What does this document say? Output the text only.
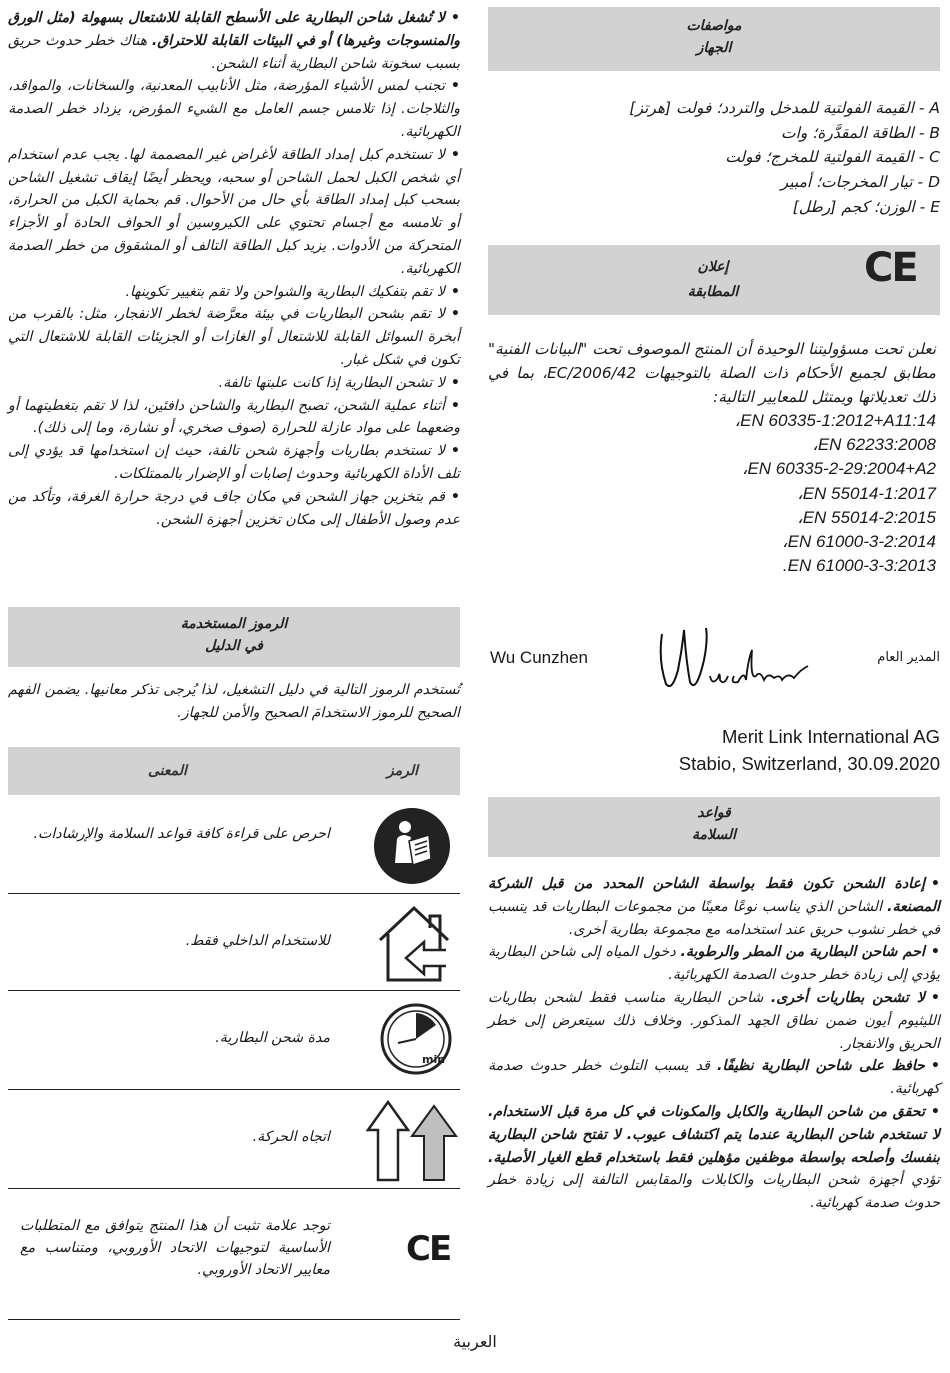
•لا تُشغل شاحن البطارية على الأسطح القابلة للاشتعال بسهولة (مثل الورق والمنسوجات وغيرها) أو في البيئات القابلة للاحتراق. هناك خطر حدوث حريق بسبب سخونة شاحن البطارية أثناء الشحن.

•تجنب لمس الأشياء المؤرضة، مثل الأنابيب المعدنية، والسخانات، والمواقد، والثلاجات. إذا تلامس جسم العامل مع الشيء المؤرض، يزداد خطر الصدمة الكهربائية.

•لا تستخدم كبل إمداد الطاقة لأغراض غير المصممة لها. يجب عدم استخدام أي شخص الكبل لحمل الشاحن أو سحبه، ويحظر أيضًا إيقاف تشغيل الشاحن بسحب كبل إمداد الطاقة بأي حال من الأحوال. قم بحماية الكبل من الحرارة، أو تلامسه مع أجسام تحتوي على الكيروسين أو الحواف الحادة أو الأجزاء المتحركة من الأدوات. يزيد كبل الطاقة التالف أو المشقوق من خطر الصدمة الكهربائية.

•لا تقم بتفكيك البطارية والشواحن ولا تقم بتغيير تكوينها.

•لا تقم بشحن البطاريات في بيئة معرَّضة لخطر الانفجار، مثل: بالقرب من أبخرة السوائل القابلة للاشتعال أو الغازات أو الجزيئات القابلة للاشتعال التي تكون في شكل غبار.

•لا تشحن البطارية إذا كانت علبتها تالفة.

•أثناء عملية الشحن، تصبح البطارية والشاحن دافئين، لذا لا تقم بتغطيتهما أو وضعهما على مواد عازلة للحرارة (صوف صخري، أو نشارة، وما إلى ذلك).

•لا تستخدم بطاريات وأجهزة شحن تالفة، حيث إن استخدامها قد يؤدي إلى تلف الأداة الكهربائية وحدوث إصابات أو الإضرار بالممتلكات.

•قم بتخزين جهاز الشحن في مكان جاف في درجة حرارة الغرفة، وتأكد من عدم وصول الأطفال إلى مكان تخزين أجهزة الشحن.

الرموز المستخدمة
في الدليل

تُستخدم الرموز التالية في دليل التشغيل، لذا يُرجى تذكر معانيها. يضمن الفهم الصحيح للرموز الاستخدامَ الصحيح والأمن للجهاز.

الرمز
المعنى
احرص على قراءة كافة قواعد السلامة والإرشادات.
للاستخدام الداخلي فقط.
min
مدة شحن البطارية.
اتجاه الحركة.
CE
توجد علامة تثبت أن هذا المنتج يتوافق مع المتطلبات الأساسية لتوجيهات الاتحاد الأوروبي، ومتناسب مع معايير الاتحاد الأوروبي.
مواصفات
الجهاز
A - القيمة الفولتية للمدخل والتردد؛ فولت [هرتز]
B - الطاقة المقدَّرة؛ وات
C - القيمة الفولتية للمخرج؛ فولت
D - تيار المخرجات؛ أمبير
E - الوزن؛ كجم [رطل]
إعلان
المطابقة
CE

نعلن تحت مسؤوليتنا الوحيدة أن المنتج الموصوف تحت "البيانات الفنية" مطابق لجميع الأحكام ذات الصلة بالتوجيهات 2006/42/EC، بما في ذلك تعديلاتها ويمتثل للمعايير التالية:

EN 60335-1:2012+A11:14،
EN 62233:2008،
EN 60335-2-29:2004+A2،
EN 55014-1:2017،
EN 55014-2:2015،
EN 61000-3-2:2014،
EN 61000-3-3:2013.
Wu Cunzhen	المدير العام
Merit Link International AG
Stabio, Switzerland, 30.09.2020
قواعد
السلامة

•إعادة الشحن تكون فقط بواسطة الشاحن المحدد من قبل الشركة المصنعة. الشاحن الذي يناسب نوعًا معينًا من مجموعات البطاريات قد يتسبب في خطر نشوب حريق عند استخدامه مع مجموعة بطارية أخرى.

•احم شاحن البطارية من المطر والرطوبة. دخول المياه إلى شاحن البطارية يؤدي إلى زيادة خطر حدوث الصدمة الكهربائية.

•لا تشحن بطاريات أخرى. شاحن البطارية مناسب فقط لشحن بطاريات الليثيوم أيون ضمن نطاق الجهد المذكور. وخلاف ذلك سيتعرض إلى خطر الحريق والانفجار.

•حافظ على شاحن البطارية نظيفًا. قد يسبب التلوث خطر حدوث صدمة كهربائية.

•تحقق من شاحن البطارية والكابل والمكونات في كل مرة قبل الاستخدام. لا تستخدم شاحن البطارية عندما يتم اكتشاف عيوب. لا تفتح شاحن البطارية بنفسك وأصلحه بواسطة موظفين مؤهلين فقط باستخدام قطع الغيار الأصلية. تؤدي أجهزة شحن البطاريات والكابلات والمقابس التالفة إلى زيادة خطر حدوث صدمة كهربائية.

العربية
